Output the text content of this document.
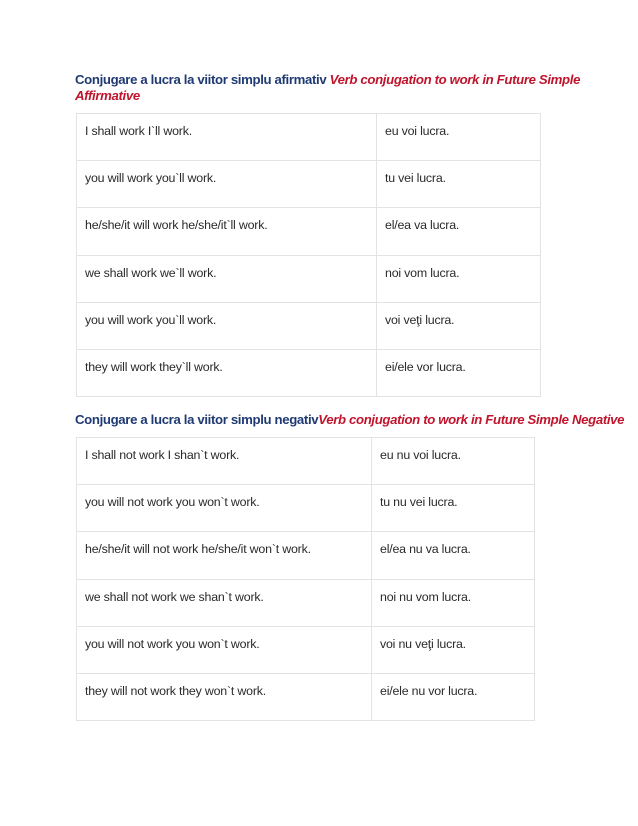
Conjugare a lucra la viitor simplu afirmativ Verb conjugation to work in Future Simple Affirmative

I shall work I`ll work.	eu voi lucra.
you will work you`ll work.	tu vei lucra.
he/she/it will work he/she/it`ll work.	el/ea va lucra.
we shall work we`ll work.	noi vom lucra.
you will work you`ll work.	voi veţi lucra.
they will work they`ll work.	ei/ele vor lucra.

Conjugare a lucra la viitor simplu negativVerb conjugation to work in Future Simple Negative

I shall not work I shan`t work.	eu nu voi lucra.
you will not work you won`t work.	tu nu vei lucra.
he/she/it will not work he/she/it won`t work.	el/ea nu va lucra.
we shall not work we shan`t work.	noi nu vom lucra.
you will not work you won`t work.	voi nu veţi lucra.
they will not work they won`t work.	ei/ele nu vor lucra.
